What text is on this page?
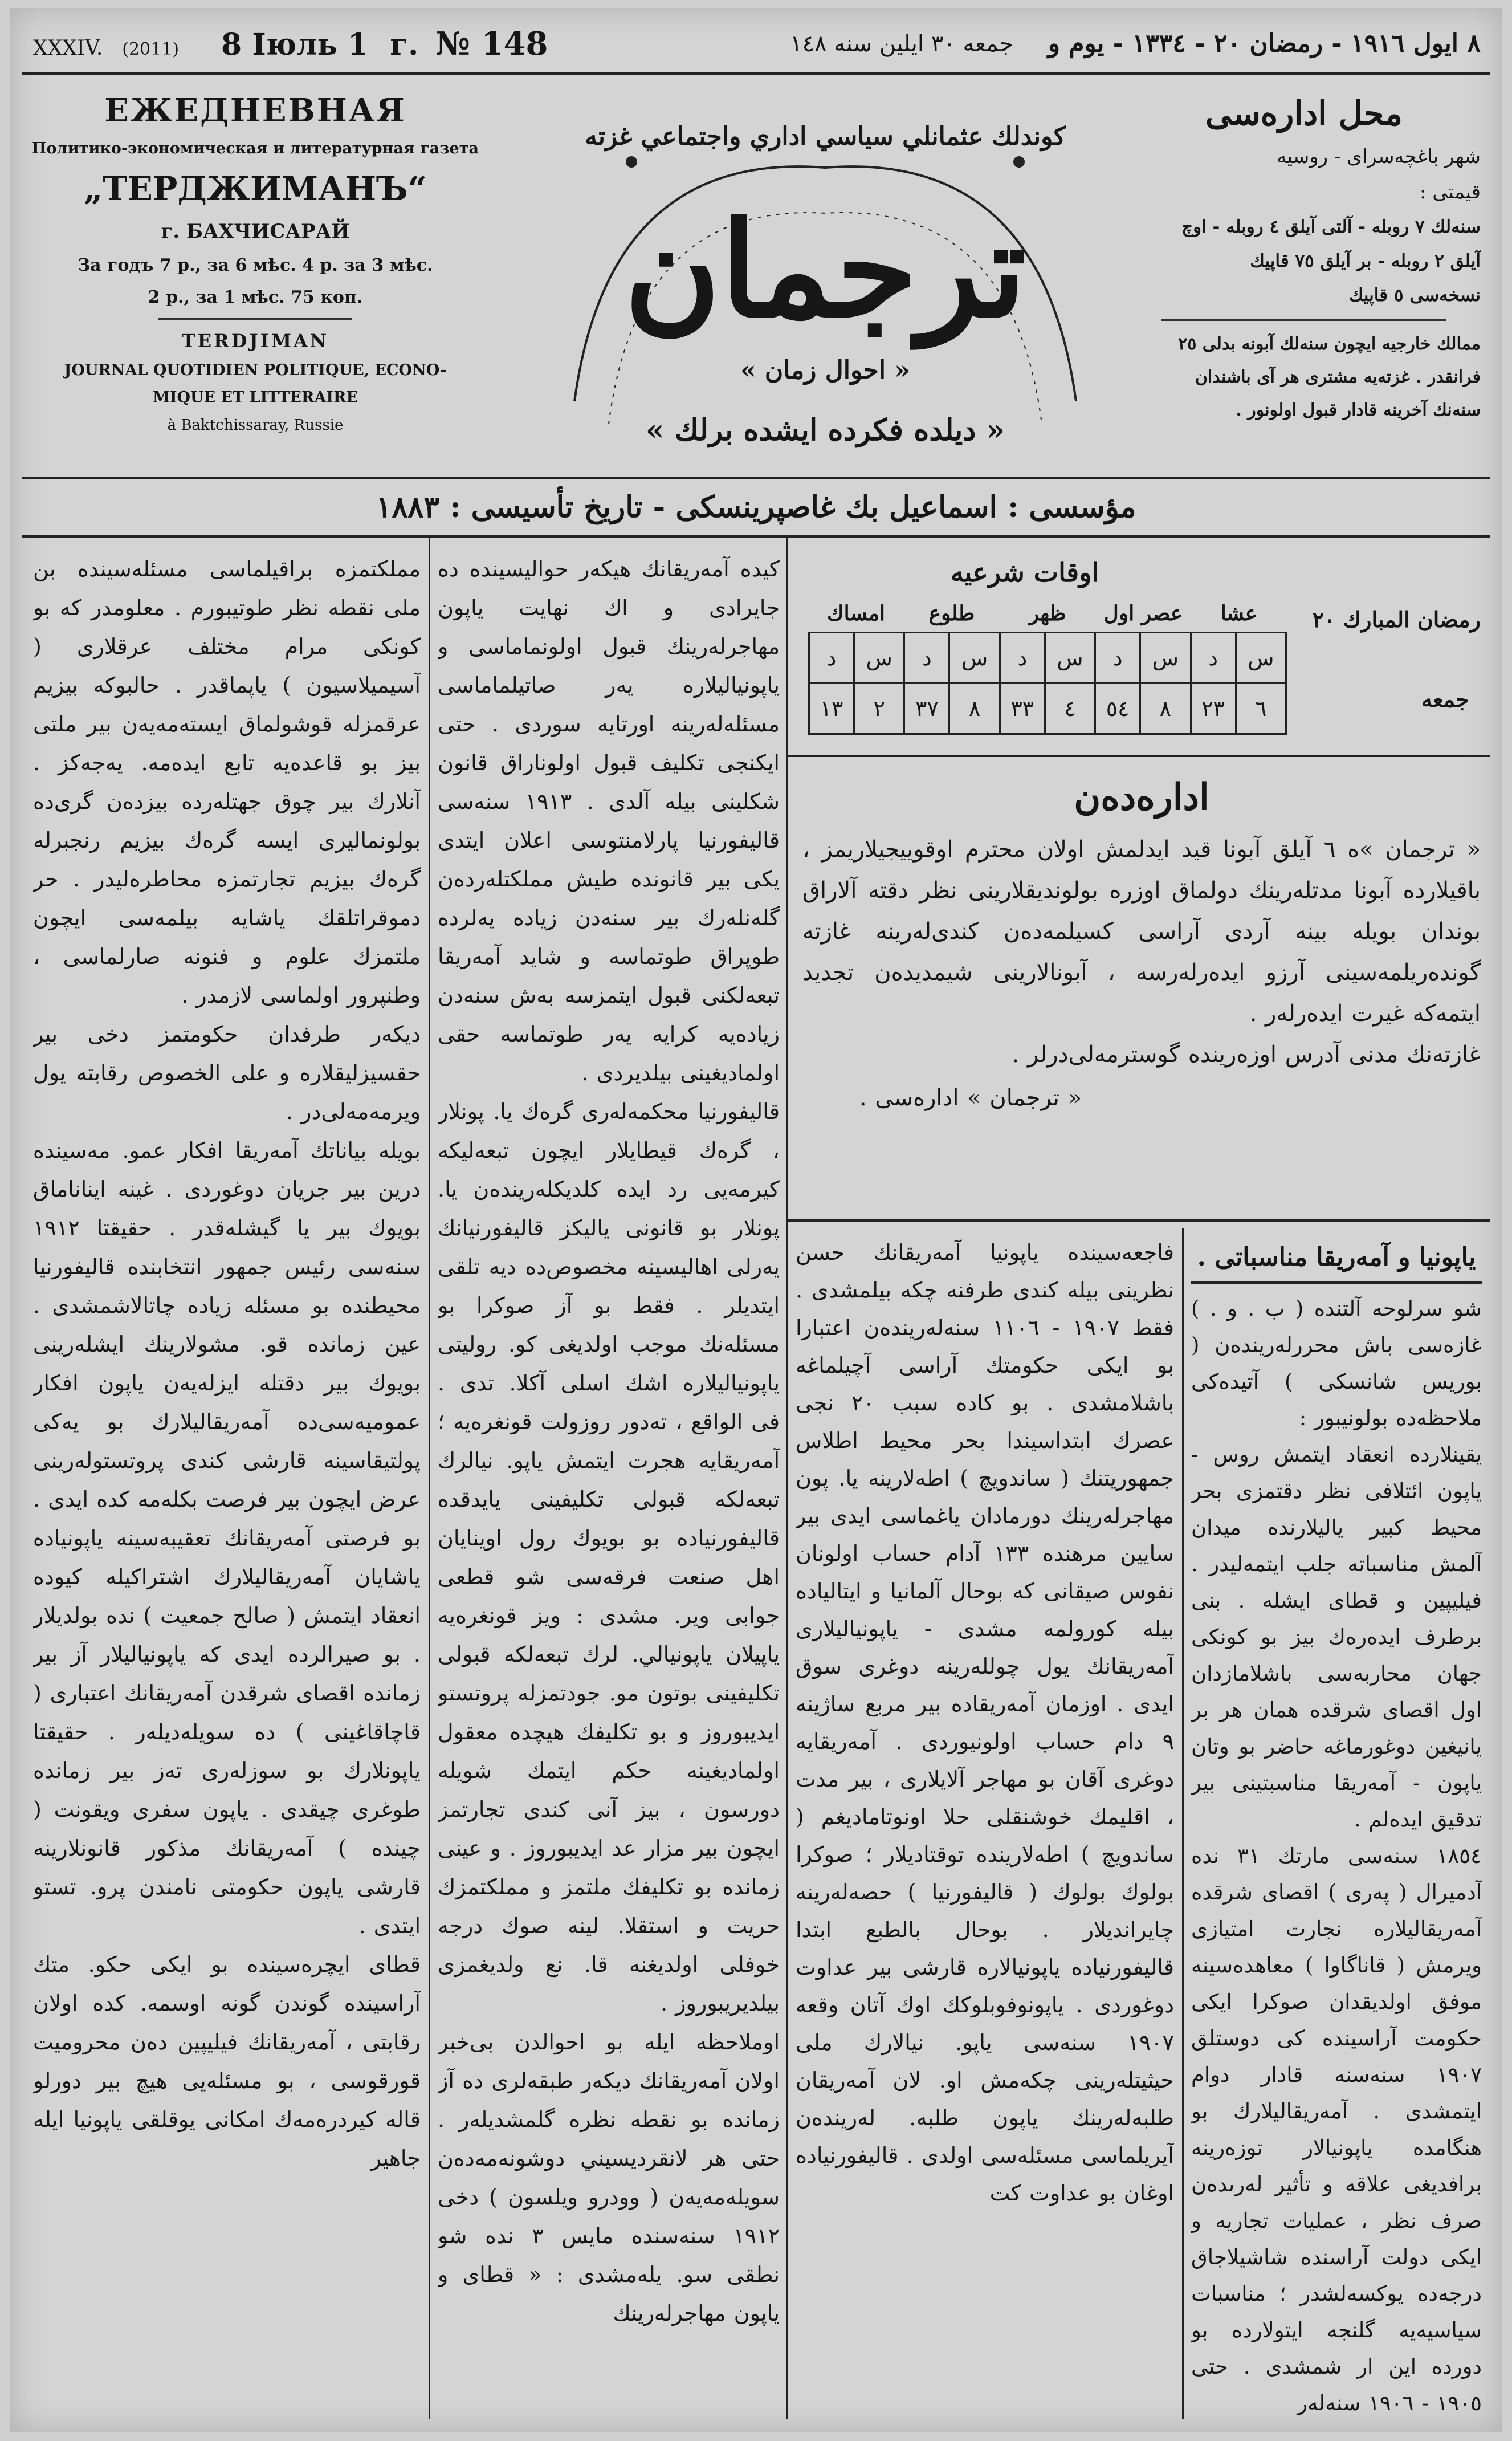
XXXIV. (2011) 8 Іюль 1 г. № 148	جمعه ٣٠ ايلين سنه ١٤٨	٨ ايول ١٩١٦ - رمضان ٢٠ - ١٣٣٤ - يوم و
ЕЖЕДНЕВНАЯ
Политико-экономическая и литературная газета
„ТЕРДЖИМАНЪ“
г. БАХЧИСАРАЙ
За годъ 7 р., за 6 мѣс. 4 р. за 3 мѣс.
2 р., за 1 мѣс. 75 коп.
TERDJIMAN
JOURNAL QUOTIDIEN POLITIQUE, ECONO-
MIQUE ET LITTERAIRE
à Baktchissaray, Russie
كوندلك عثمانلي سياسي اداري واجتماعي غزته
ترجمان
« احوال زمان »
« ديلده فكرده ايشده برلك »
محل ادارەسى
شهر باغچه‌سراى - روسيه
قيمتى :
سنه‌لك ٧ روبله - آلتى آيلق ٤ روبله - اوچ
آيلق ٢ روبله - بر آيلق ٧٥ قاپيك
نسخه‌سى ٥ قاپيك
ممالك خارجيه ايچون سنه‌لك آبونه بدلى ٢٥
فرانقدر . غزته‌يه مشترى هر آى باشندان
سنه‌نك آخرينه قادار قبول اولونور .
مؤسسى : اسماعيل بك غاصپرينسكى - تاريخ تأسيسى : ١٨٨٣
اوقات شرعيه
رمضان المبارك ٢٠
جمعه
امساك	طلوع	ظهر	عصر اول	عشا
س	د	س	د	س	د	س	د	س	د
٦	٢٣	٨	٥٤	٤	٣٣	٨	٣٧	٢	١٣
ادارەدەن

« ترجمان »ه ٦ آيلق آبونا قيد ايدلمش اولان محترم اوقوييجيلاريمز ، باقيلارده آبونا مدتلەرينك دولماق اوزرە بولونديقلارينى نظر دقته آلاراق بوندان بويله بينه آردى آراسى كسيلمه‌دەن كندى‌لەرينه غازته گوندەريلمه‌سينى آرزو ايدەرلەرسه ، آبونالارينى شيمديدەن تجديد ايتمه‌كه غيرت ايدەرلەر .

غازتەنك مدنى آدرس اوزەرينده گوسترمه‌لى‌درلر .

« ترجمان » ادارەسى .

ياپونيا و آمەريقا مناسباتى .

شو سرلوحه آلتنده ( ب . و . ) غازەسى باش محررلەريندەن ( بوريس شانسكى ) آتيدەكى ملاحظه‌دە بولونيبور :

يقينلارده انعقاد ايتمش روس - ياپون ائتلافى نظر دقتمزى بحر محيط كبير ياليلارنده ميدان آلمش مناسباته جلب ايتمه‌ليدر . فيليپين و قطاى ايشله . بنى برطرف ايدەرەك بيز بو كونكى جهان محاربه‌سى باشلامازدان اول اقصاى شرقده همان هر بر يانيغين دوغورماغه حاضر بو وتان ياپون - آمەريقا مناسبتينى بير تدقيق ايدەلم .

١٨٥٤ سنه‌سى مارتك ٣١ نده آدميرال ( پەرى ) اقصاى شرقده آمه‌ريقاليلاره نجارت امتيازى ويرمش ( قاناگاوا ) معاهدەسينه موفق اولديقدان صوكرا ايكى حكومت آراسينده كى دوستلق ١٩٠٧ سنه‌سنه قادار دوام ايتمشدى . آمەريقاليلارك بو هنگامده ياپونيالار توزەرينه برافديغى علاقه و تأثير لەرىدەن صرف نظر ، عمليات تجاريه و ايكى دولت آراسنده شاشيلاجاق درجه‌ده يوكسه‌لشدر ؛ مناسبات سياسيه‌يه گلنجه ايتولارده بو دورده اين ار شمشدى . حتى ١٩٠٥ - ١٩٠٦ سنه‌لەر

فاجعه‌سينده ياپونيا آمەريقانك حسن نظرينى بيله كندى طرفنه چكه بيلمشدى . فقط ١٩٠٧ - ١١٠٦ سنه‌لەريندەن اعتبارا بو ايكى حكومتك آراسى آچيلماغه باشلامشدى . بو كاده سبب ٢٠ نجى عصرك ابتداسيندا بحر محيط اطلاس جمهوريتنك ( ساندويچ ) اطەلارينه يا. پون مهاجرلەرينك دورمادان ياغماسى ايدى بير سايين مرهنده ١٣٣ آدام حساب اولونان نفوس صيقانى كه بوحال آلمانيا و ايتاليادە بيله كورولمه مشدى - ياپونياليلارى آمەريقانك يول چوللەرينه دوغرى سوق ايدى . اوزمان آمەريقاده بير مربع ساژينه ٩ دام حساب اولونيوردى . آمەريقايه دوغرى آقان بو مهاجر آلايلارى ، بير مدت ، اقليمك خوشنقلى حلا اونوتاماديغم ( ساندويچ ) اطەلارينده توقتاديلار ؛ صوكرا بولوك بولوك ( قاليفورنيا ) حصەلەرينه چايرانديلار . بوحال بالطبع ابتدا قاليفورنياده ياپونيالاره قارشى بير عداوت دوغوردى . ياپونوفوبلوكك اوك آتان وقعه ١٩٠٧ سنه‌سى ياپو. نيالارك ملى حيثيتلەرينى چكه‌مش او. لان آمەريقان طلبه‌لەرينك ياپون طلبه. لەريندەن آيريلماسى مسئلەسى اولدى . قاليفورنياده اوغان بو عداوت كت

كيده آمەريقانك هيكەر حواليسينده ده جايرادى و اك نهايت ياپون مهاجرلەرينك قبول اولونماماسى و ياپونياليلاره يەر صاتيلماماسى مسئلەلەرينه اورتايه سوردى . حتى ايكنجى تكليف قبول اولوناراق قانون شكلينى بيله آلدى . ١٩١٣ سنه‌سى قاليفورنيا پارلامنتوسى اعلان ايتدى يكى بير قانونده طيش مملكتلەردەن گله‌نلەرك بير سنه‌دن زياده يەلرده طوپراق طوتماسه و شايد آمەريقا تبعەلكنى قبول ايتمزسه بەش سنه‌دن زيادەيه كرايه يەر طوتماسه حقى اولماديغينى بيلديردى .

قاليفورنيا محكمه‌لەرى گرەك يا. پونلار ، گرەك قيطايلار ايچون تبعەليكه كيرمه‌يى رد ايده كلديكلەريندەن يا. پونلار بو قانونى ياليكز قاليفورنيانك يەرلى اهاليسينه مخصوص‌ده ديه تلقى ايتديلر . فقط بو آز صوكرا بو مسئلەنك موجب اولديغى كو. روليتى ياپونياليلاره اشك اسلى آكلا. تدى . فى الواقع ، تەدور روزولت قونغرەيه ؛ آمەريقايه هجرت ايتمش ياپو. نيالرك تبعه‌لكه قبولى تكليفينى يا‌يدقده قاليفورنياده بو بويوك رول اوينايان اهل صنعت فرقه‌سى شو قطعى جوابى وير. مشدى : ويز قونغرەيه ياپيلان ياپونيالي‌. لرك تبعه‌لكه قبولى تكليفينى بوتون مو. جودتمزله پروتستو ايديبوروز و بو تكليفك هيچده معقول اولماديغينه حكم ايتمك‌ شويله دورسون ، بيز آنى كندى تجارتمز ايچون بير مزار عد ايديبوروز . و عينى زمانده بو تكليفك ملتمز و مملكتمزك حريت و استقلا. لينه صوك درجه خوفلى اولديغنه قا. نع ولديغمزى بيلديريبوروز .

اوملاحظه ايله بو احوالدن بى‌خبر اولان آمەريقانك ديكەر طبقەلرى ده آز زمانده بو نقطه نظره گلمشديلەر . حتى هر لانقرديسيني دوشونەمه‌دەن سويلەمه‌يەن ( وودرو ويلسون ) دخى ١٩١٢ سنه‌سنده مايس ٣ نده شو نطقى سو. يله‌مشدى : « قطاى و ياپون مهاجرلەرينك

مملكتمزه براقيلماسى مسئلەسينده بن ملى نقطه نظر طوتيبورم . معلومدر كه بو كونكى مرام مختلف عرقلارى ( آسيميلاسيون ) ياپماقدر . حالبوكه بيزيم عرقمزله قوشولماق ايستەمه‌يەن بير ملتى بيز بو قاعدەيه تابع ايدەمه. يه‌جه‌كز . آنلارك بير چوق جهتلەرده بيزدەن گرى‌ده بولونماليرى ايسه گرەك بيزيم رنجبرله گرەك بيزيم تجارتمزه محاطرەليدر . حر دموقراتلقك ياشايه بيلمه‌سى ايچون ملتمزك علوم و فنونه صارلماسى ، وطنپرور اولماسى لازمدر .

ديكەر طرفدان حكومتمز دخى بير حقسيزليقلاره و على الخصوص رقابته يول ويرمه‌مه‌لى‌در .

بويله بياناتك آمەريقا افكار عمو. مه‌سينده درين بير جريان دوغوردى . غينه ايناناماق بويوك بير يا گيشلەقدر . حقيقتا ١٩١٢ سنه‌سى رئيس جمهور انتخابنده قاليفورنيا محيطنده بو مسئله زياده چاتالاشمشدى . عين زمانده قو. مشولارينك ايشلەرينى بويوك بير دقتله ايزلەيەن ياپون افكار عموميه‌سى‌ده آمەريقاليلارك بو يەكى پولتيقاسينه قارشى كندى پروتستولەرينى عرض ايچون بير فرصت بكلەمه كده ايدى . بو فرصتى آمەريقانك تعقيبه‌سينه ياپونياده ياشايان آمەريقاليلارك اشتراكيله كيوده انعقاد ايتمش ( صالح جمعيت ) نده بولديلار . بو صيرالرده ايدى كه ياپونياليلار آز بير زمانده اقصاى شرقدن آمەريقانك اعتبارى ( قاچاقاغينى ) ده سويله‌ديلەر . حقيقتا ياپونلارك بو سوزلەرى تەز بير زمانده طوغرى چيقدى . ياپون سفرى ويقونت ( چينده ) آمەريقانك مذكور قانونلارينه قارشى ياپون حكومتى نامندن پرو. تستو ايتدى .

قطاى ايچرەسينده بو ايكى حكو. متك آراسينده گوندن گونه اوسمه. كده اولان رقابتى ، آمەريقانك فيليپين دەن محروميت قورقوسى ، بو مسئله‌يى هيچ بير دورلو قاله كيردرەمه‌‌‌ك امكانى يوقلقى ياپونيا ايله جاهير
